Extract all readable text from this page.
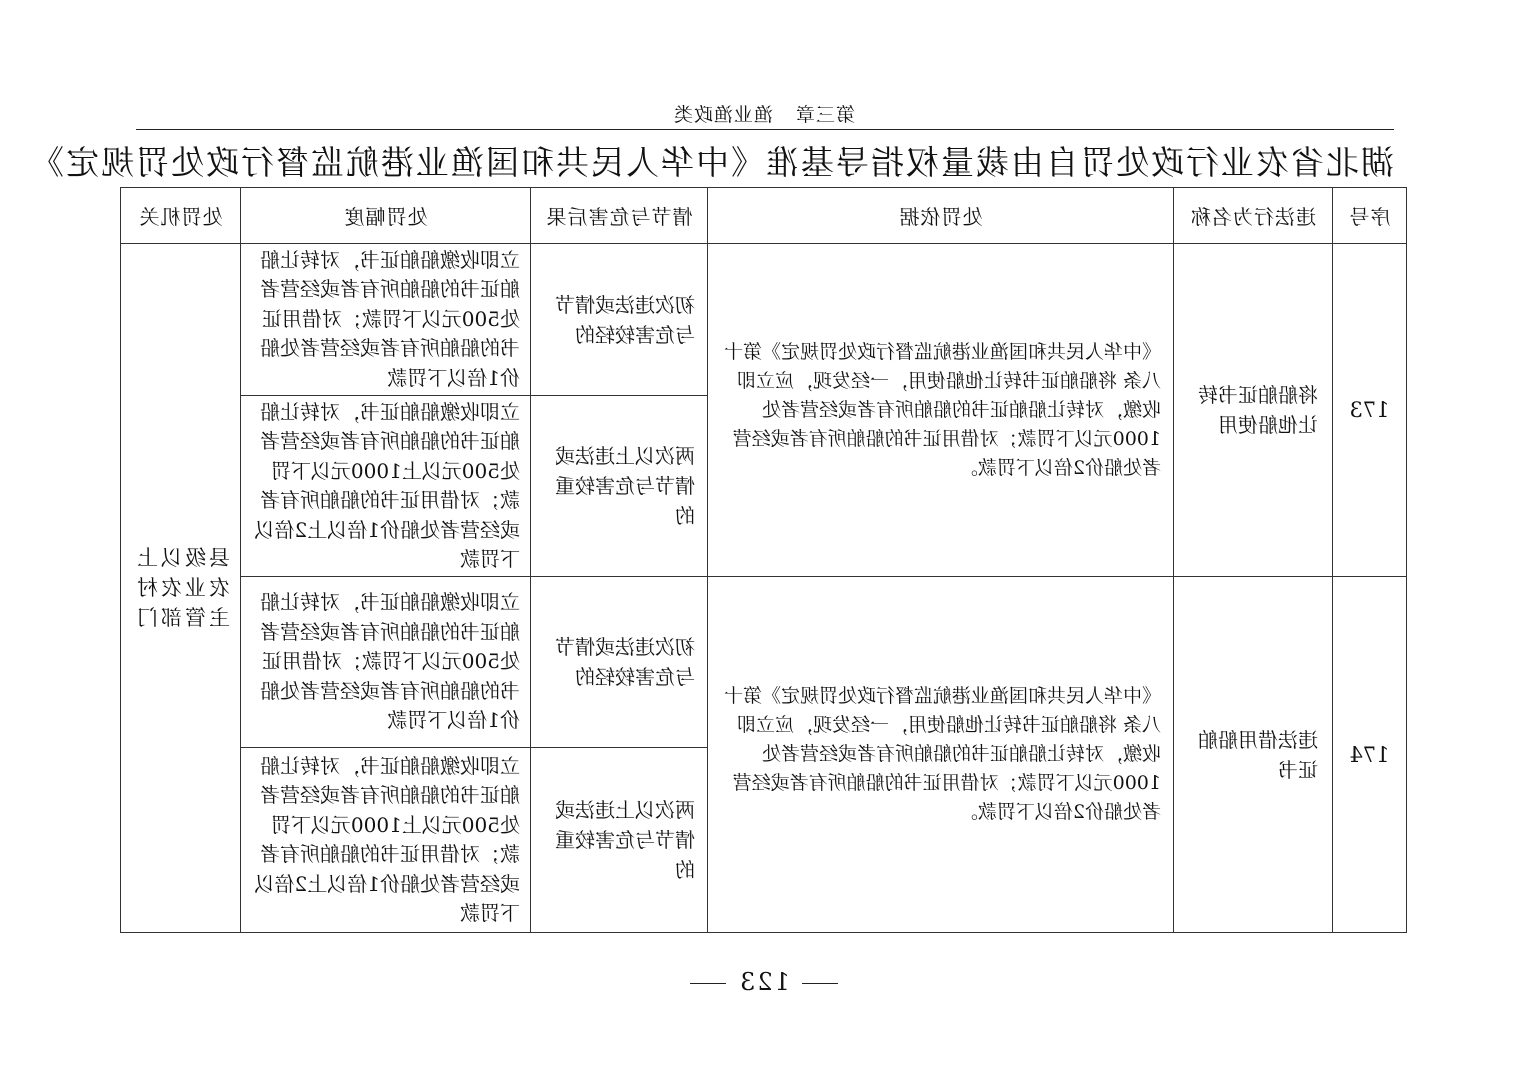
第三章渔业渔政类
湖北省农业行政处罚自由裁量权指导基准《中华人民共和国渔业港航监督行政处罚规定》
序号	违法行为名称	处罚依据	情节与危害后果	处罚幅度	处罚机关
173	将船舶证书转让他船使用	《中华人民共和国渔业港航监督行政处罚规定》第十八条 将船舶证书转让他船使用，一经发现，应立即收缴，对转让船舶证书的船舶所有者或经营者处1000元以下罚款；对借用证书的船舶所有者或经营者处船价2倍以下罚款。	初次违法或情节与危害较轻的	立即收缴船舶证书，对转让船舶证书的船舶所有者或经营者处500元以下罚款；对借用证书的船舶所有者或经营者处船价1倍以下罚款	县级以上农业农村主管部门
			两次以上违法或情节与危害较重的	立即收缴船舶证书，对转让船舶证书的船舶所有者或经营者处500元以上1000元以下罚款；对借用证书的船舶所有者或经营者处船价1倍以上2倍以下罚款	
174	违法借用船舶证书	《中华人民共和国渔业港航监督行政处罚规定》第十八条 将船舶证书转让他船使用，一经发现，应立即收缴，对转让船舶证书的船舶所有者或经营者处1000元以下罚款；对借用证书的船舶所有者或经营者处船价2倍以下罚款。	初次违法或情节与危害较轻的	立即收缴船舶证书，对转让船舶证书的船舶所有者或经营者处500元以下罚款；对借用证书的船舶所有者或经营者处船价1倍以下罚款	
			两次以上违法或情节与危害较重的	立即收缴船舶证书，对转让船舶证书的船舶所有者或经营者处500元以上1000元以下罚款；对借用证书的船舶所有者或经营者处船价1倍以上2倍以下罚款	
123
